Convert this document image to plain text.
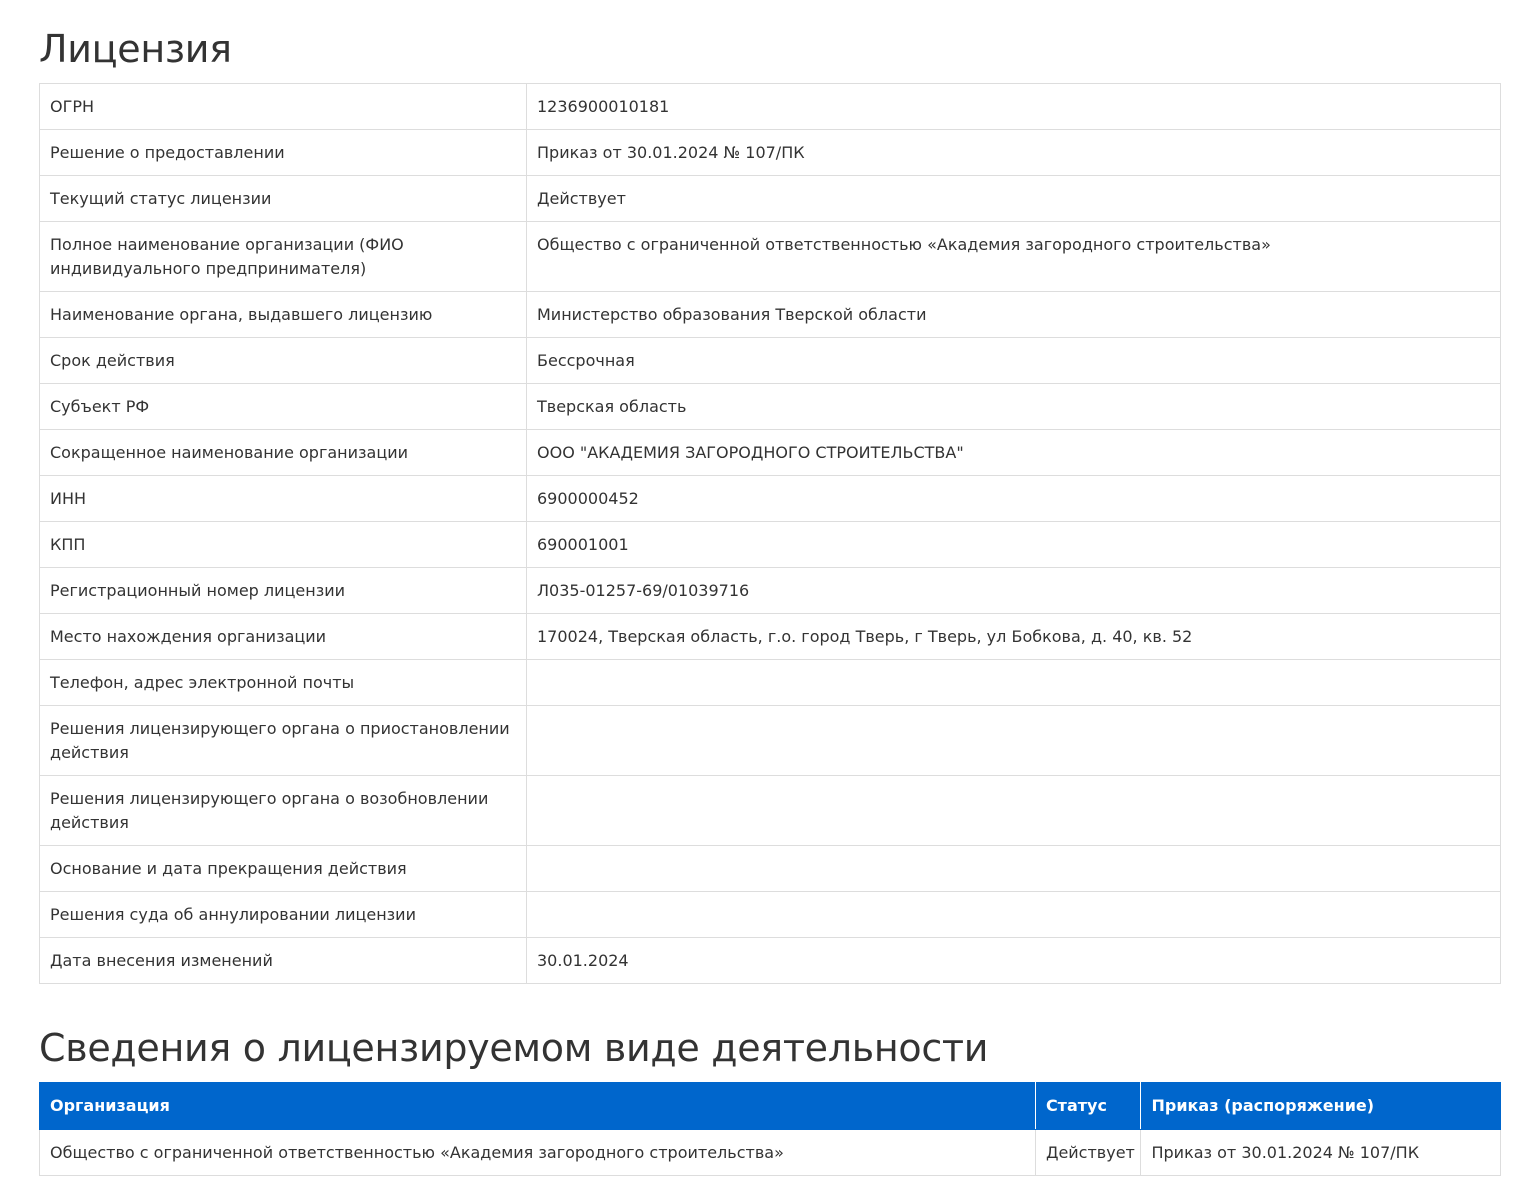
Лицензия
ОГРН	1236900010181
Решение о предоставлении	Приказ от 30.01.2024 № 107/ПК
Текущий статус лицензии	Действует
Полное наименование организации (ФИО индивидуального предпринимателя)	Общество с ограниченной ответственностью «Академия загородного строительства»
Наименование органа, выдавшего лицензию	Министерство образования Тверской области
Срок действия	Бессрочная
Субъект РФ	Тверская область
Сокращенное наименование организации	ООО "АКАДЕМИЯ ЗАГОРОДНОГО СТРОИТЕЛЬСТВА"
ИНН	6900000452
КПП	690001001
Регистрационный номер лицензии	Л035-01257-69/01039716
Место нахождения организации	170024, Тверская область, г.о. город Тверь, г Тверь, ул Бобкова, д. 40, кв. 52
Телефон, адрес электронной почты	
Решения лицензирующего органа о приостановлении действия	
Решения лицензирующего органа о возобновлении действия	
Основание и дата прекращения действия	
Решения суда об аннулировании лицензии	
Дата внесения изменений	30.01.2024
Сведения о лицензируемом виде деятельности
Организация	Статус	Приказ (распоряжение)
Общество с ограниченной ответственностью «Академия загородного строительства»	Действует	Приказ от 30.01.2024 № 107/ПК
